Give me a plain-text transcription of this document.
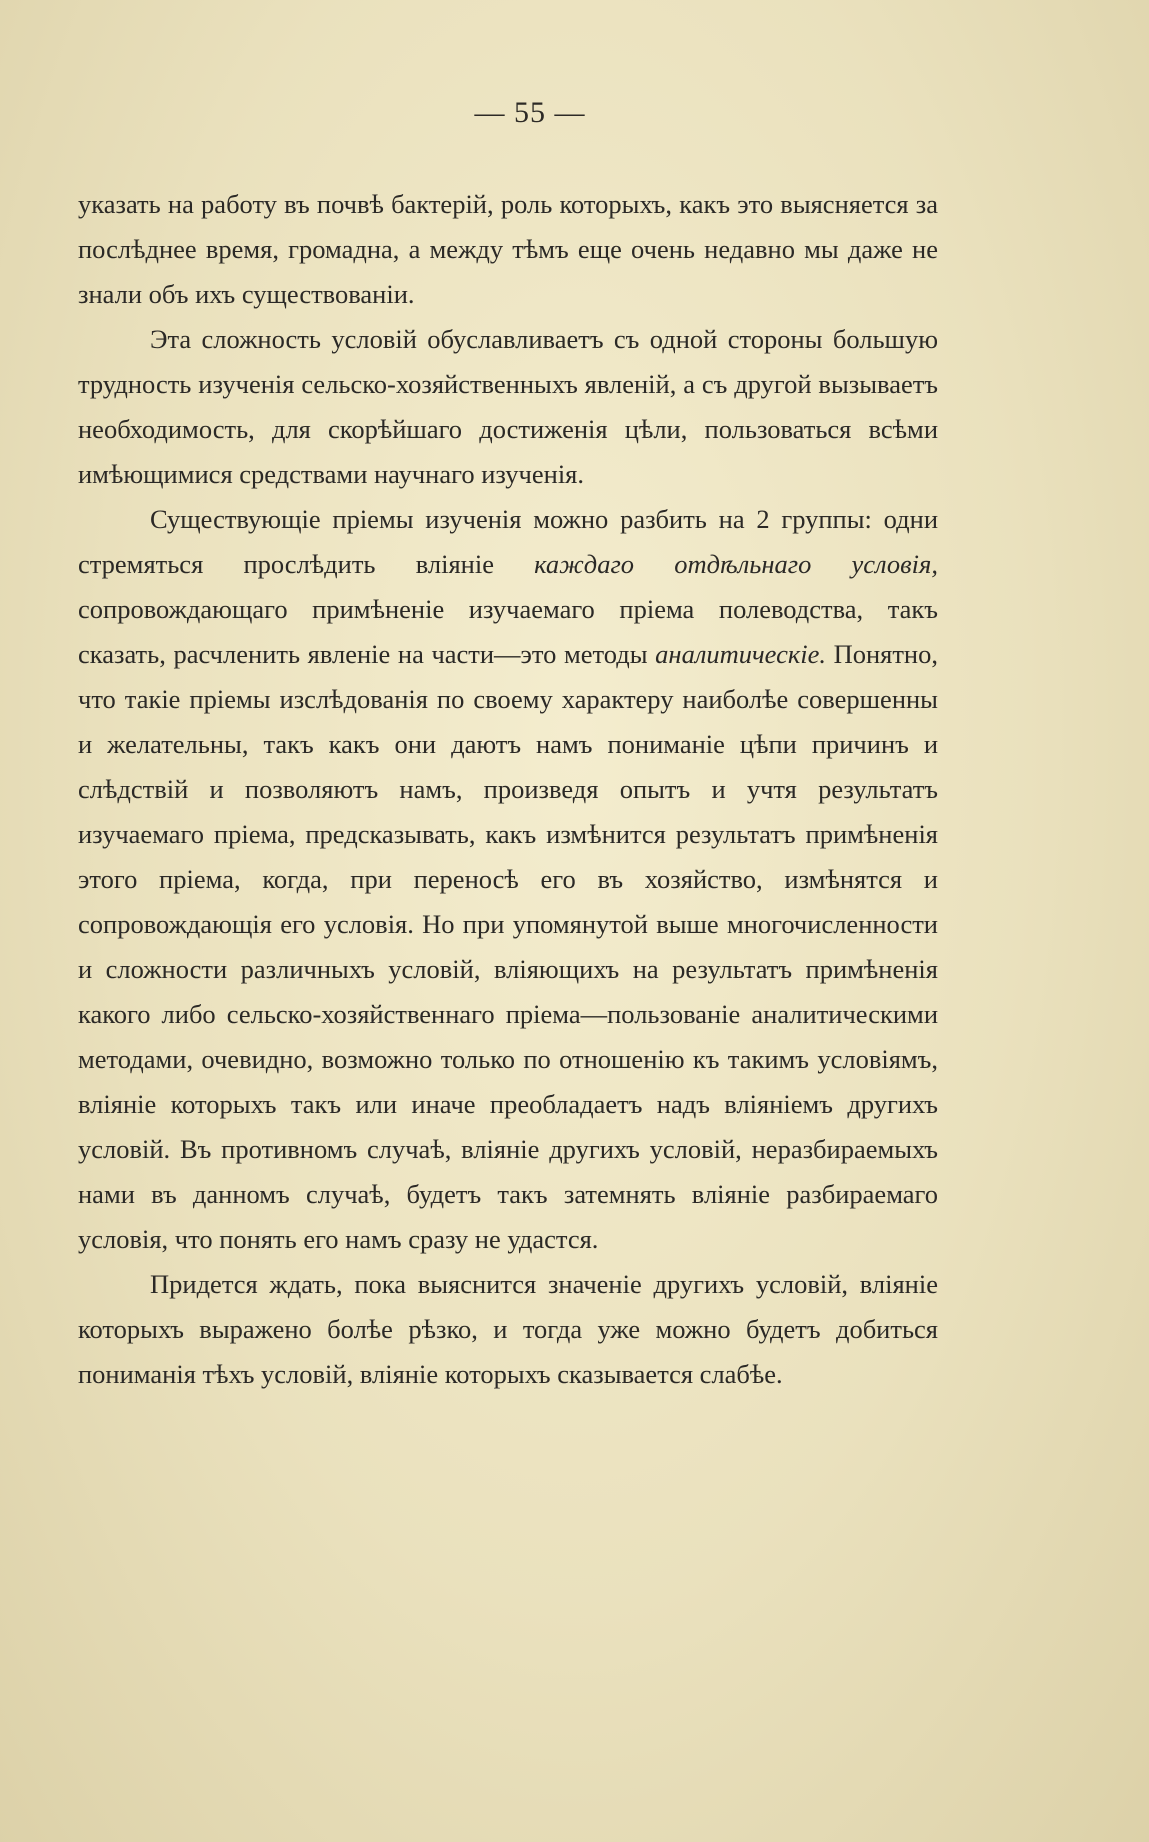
— 55 —

указать на работу въ почвѣ бактерій, роль которыхъ, какъ это выясняется за послѣднее время, громадна, а между тѣмъ еще очень недавно мы даже не знали объ ихъ существованіи.

Эта сложность условій обуславливаетъ съ одной стороны большую трудность изученія сельско-хозяйственныхъ явленій, а съ другой вызываетъ необходимость, для скорѣйшаго достиженія цѣли, пользоваться всѣми имѣющимися средствами научнаго изученія.

Существующіе пріемы изученія можно разбить на 2 группы: одни стремяться прослѣдить вліяніе каждаго отдѣльнаго условія, сопровождающаго примѣненіе изучаемаго пріема полеводства, такъ сказать, расчленить явленіе на части—это методы аналитическіе. Понятно, что такіе пріемы изслѣдованія по своему характеру наиболѣе совершенны и желательны, такъ какъ они даютъ намъ пониманіе цѣпи причинъ и слѣдствій и позволяютъ намъ, произведя опытъ и учтя результатъ изучаемаго пріема, предсказывать, какъ измѣнится результатъ примѣненія этого пріема, когда, при переносѣ его въ хозяйство, измѣнятся и сопровождающія его условія. Но при упомянутой выше многочисленности и сложности различныхъ условій, вліяющихъ на результатъ примѣненія какого либо сельско-хозяйственнаго пріема—пользованіе аналитическими методами, очевидно, возможно только по отношенію къ такимъ условіямъ, вліяніе которыхъ такъ или иначе преобладаетъ надъ вліяніемъ другихъ условій. Въ противномъ случаѣ, вліяніе другихъ условій, неразбираемыхъ нами въ данномъ случаѣ, будетъ такъ затемнять вліяніе разбираемаго условія, что понять его намъ сразу не удастся.

Придется ждать, пока выяснится значеніе другихъ условій, вліяніе которыхъ выражено болѣе рѣзко, и тогда уже можно будетъ добиться пониманія тѣхъ условій, вліяніе которыхъ сказывается слабѣе.
